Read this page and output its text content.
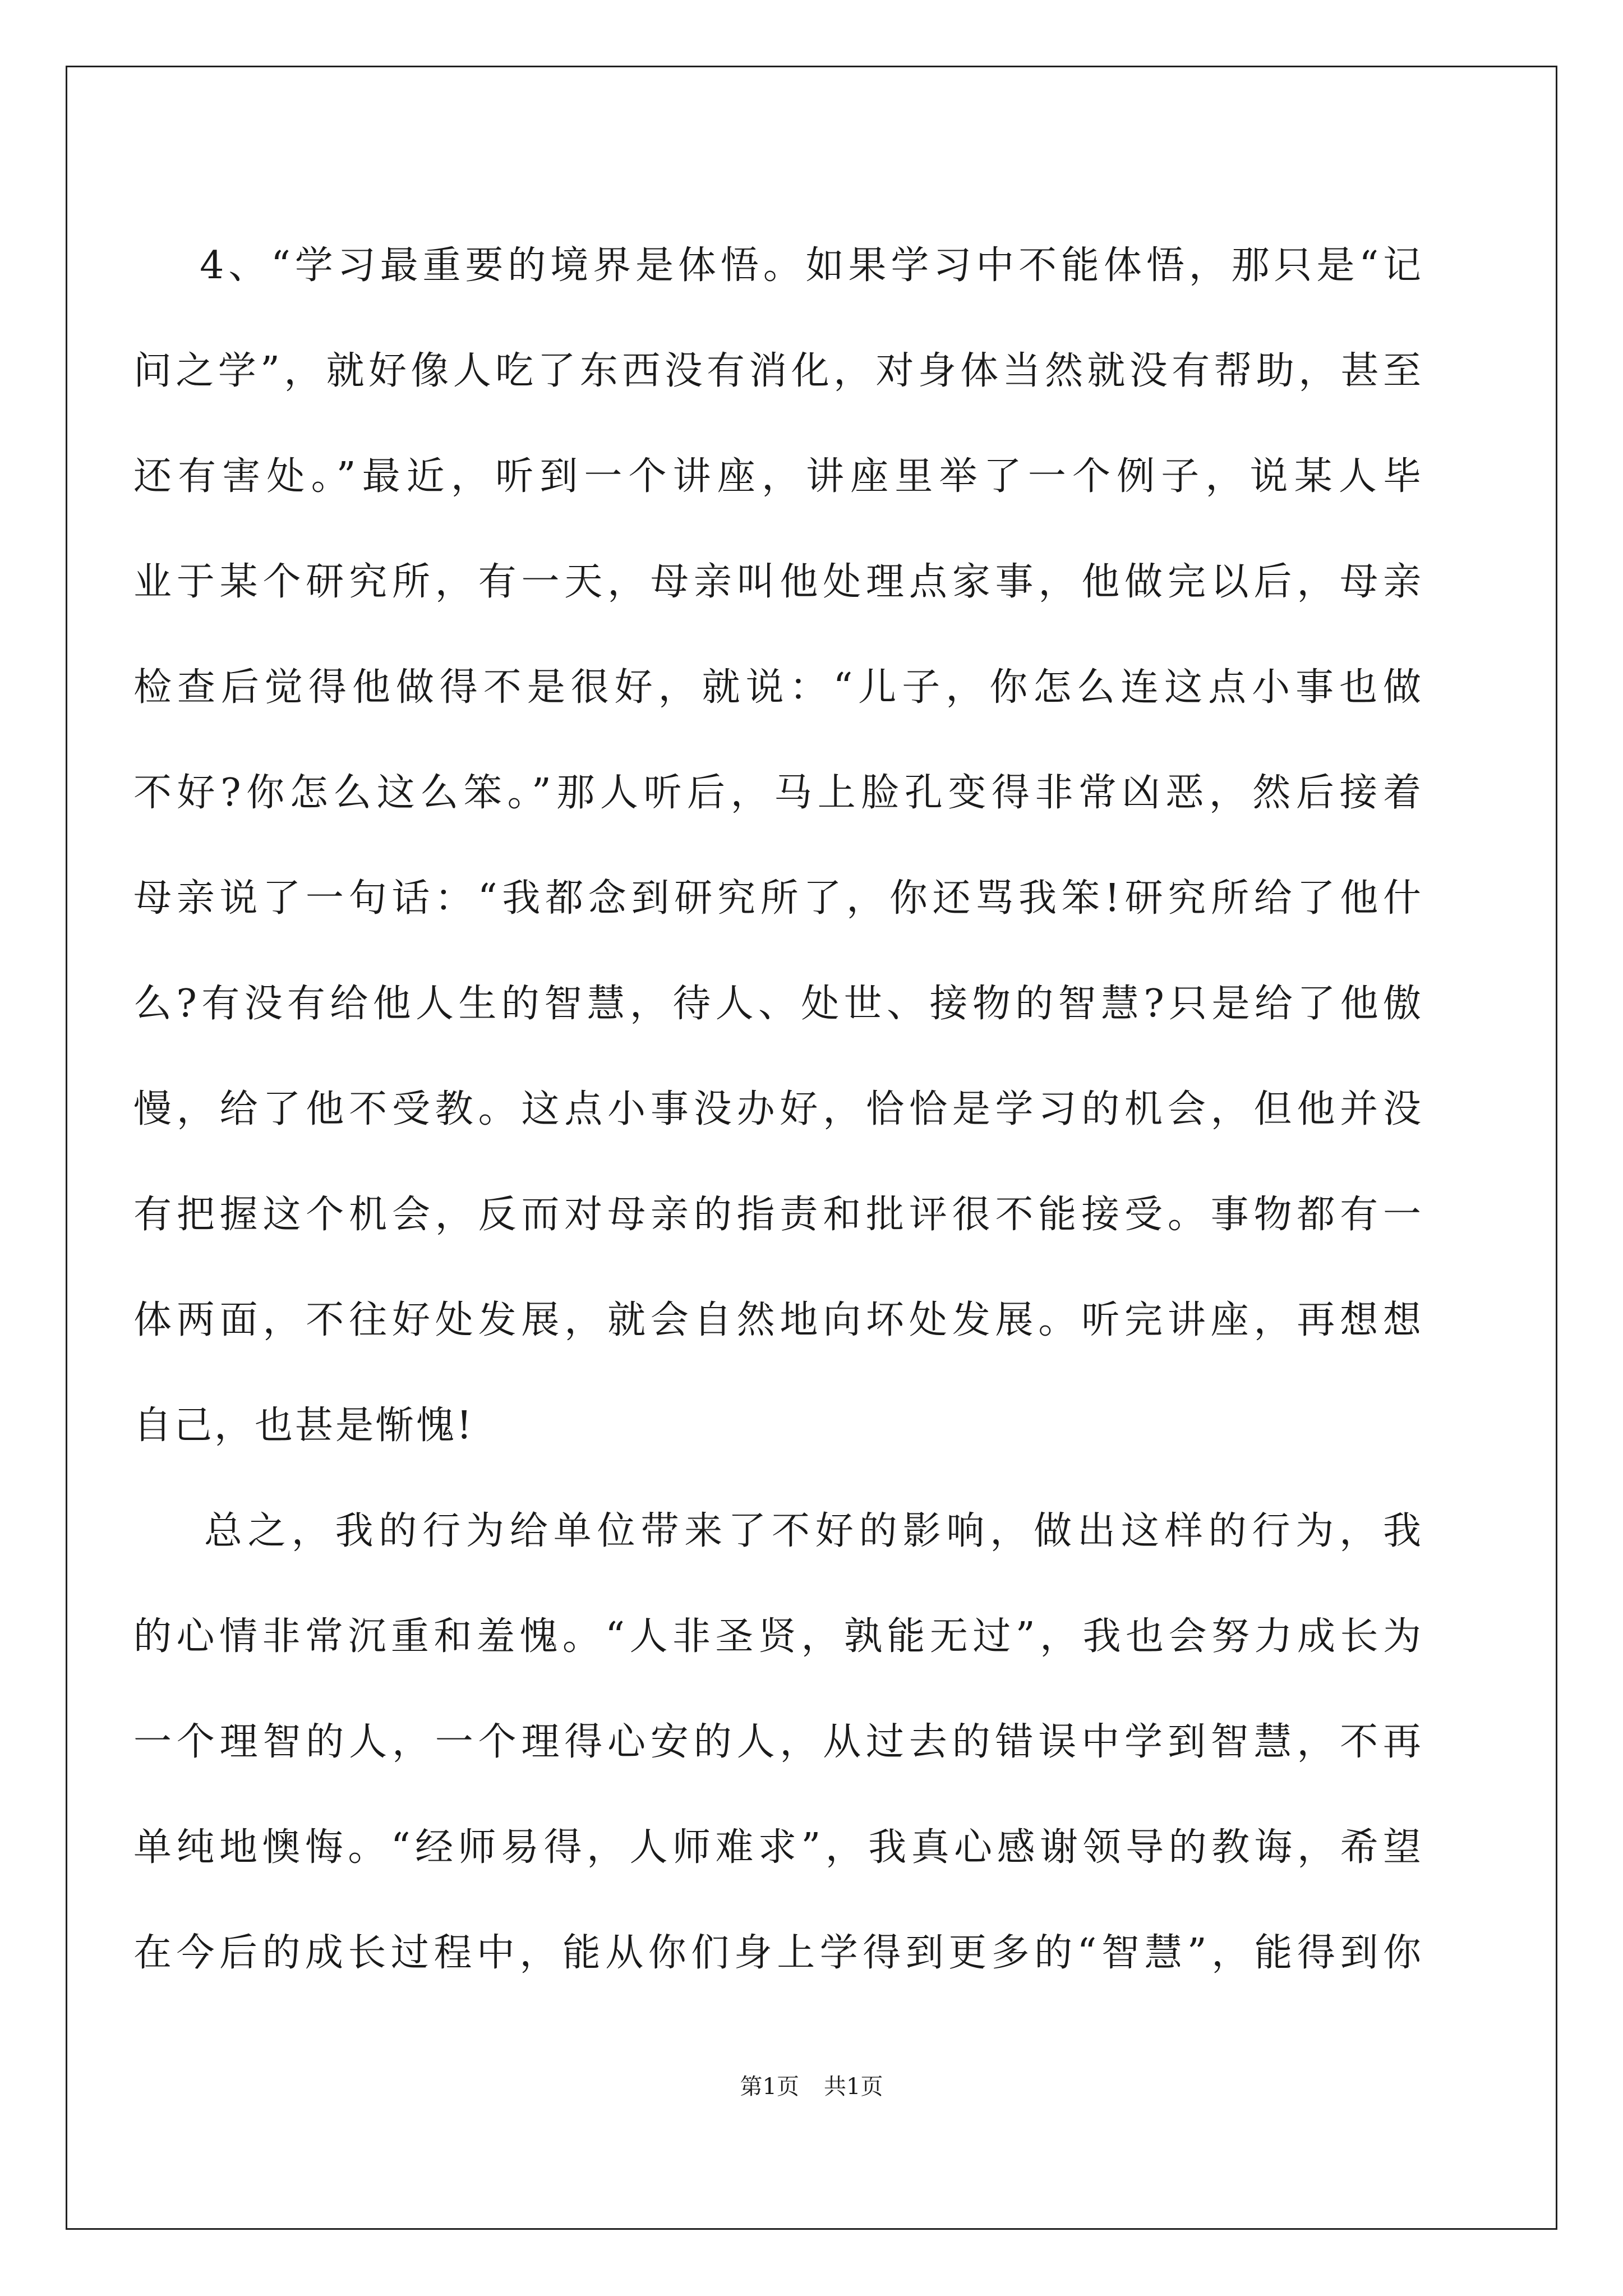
4、“学习最重要的境界是体悟。如果学习中不能体悟，那只是“记
问之学”，就好像人吃了东西没有消化，对身体当然就没有帮助，甚至
还有害处。”最近，听到一个讲座，讲座里举了一个例子，说某人毕
业于某个研究所，有一天，母亲叫他处理点家事，他做完以后，母亲
检查后觉得他做得不是很好，就说：“儿子，你怎么连这点小事也做
不好?你怎么这么笨。”那人听后，马上脸孔变得非常凶恶，然后接着
母亲说了一句话：“我都念到研究所了，你还骂我笨!研究所给了他什
么?有没有给他人生的智慧，待人、处世、接物的智慧?只是给了他傲
慢，给了他不受教。这点小事没办好，恰恰是学习的机会，但他并没
有把握这个机会，反而对母亲的指责和批评很不能接受。事物都有一
体两面，不往好处发展，就会自然地向坏处发展。听完讲座，再想想
自己，也甚是惭愧!
总之，我的行为给单位带来了不好的影响，做出这样的行为，我
的心情非常沉重和羞愧。“人非圣贤，孰能无过”，我也会努力成长为
一个理智的人，一个理得心安的人，从过去的错误中学到智慧，不再
单纯地懊悔。“经师易得，人师难求”，我真心感谢领导的教诲，希望
在今后的成长过程中，能从你们身上学得到更多的“智慧”，能得到你
第1页 共1页
